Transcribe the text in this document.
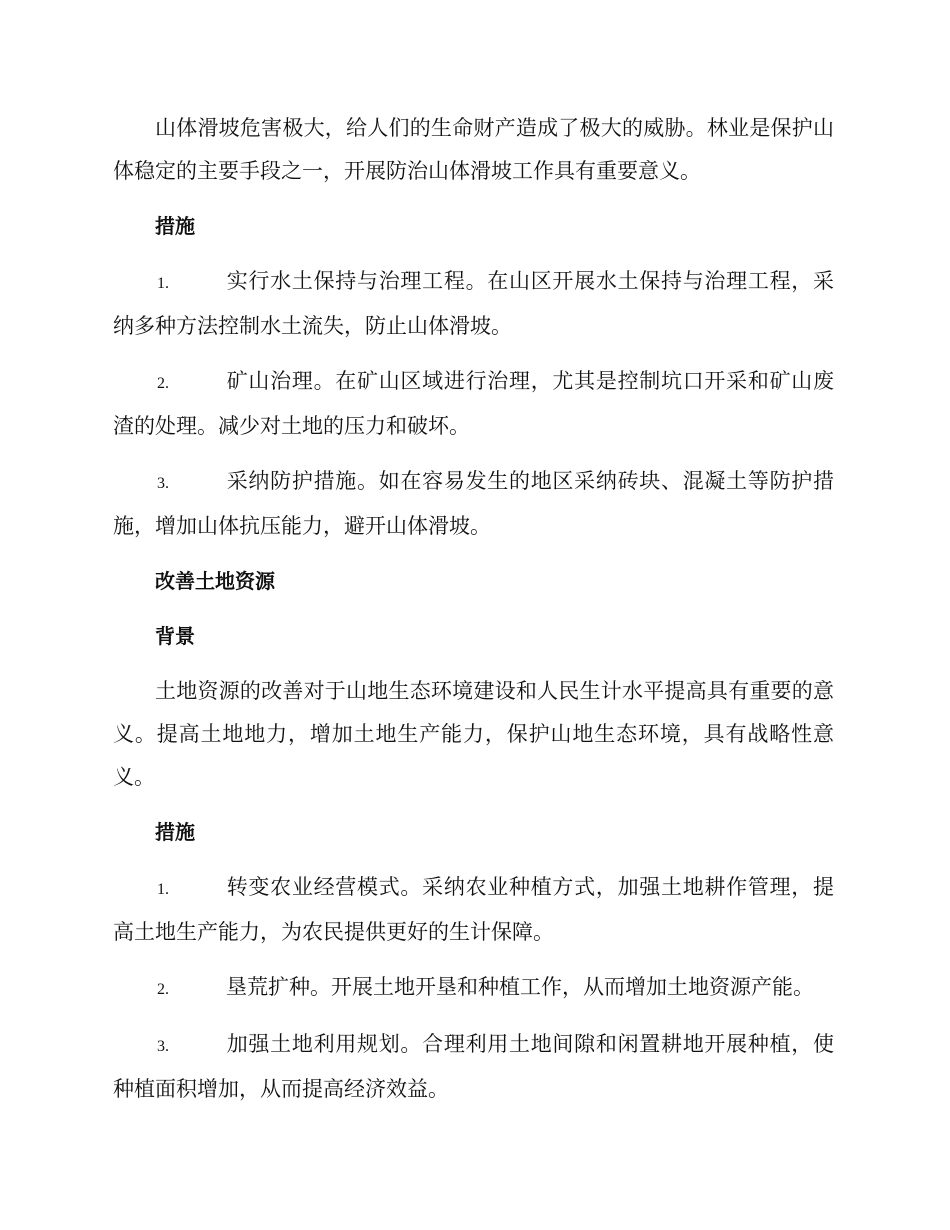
山体滑坡危害极大，给人们的生命财产造成了极大的威胁。林业是保护山体稳定的主要手段之一，开展防治山体滑坡工作具有重要意义。

措施

1.	实行水土保持与治理工程。在山区开展水土保持与治理工程，采纳多种方法控制水土流失，防止山体滑坡。

2.	矿山治理。在矿山区域进行治理，尤其是控制坑口开采和矿山废渣的处理。减少对土地的压力和破坏。

3.	采纳防护措施。如在容易发生的地区采纳砖块、混凝土等防护措施，增加山体抗压能力，避开山体滑坡。

改善土地资源
背景

土地资源的改善对于山地生态环境建设和人民生计水平提高具有重要的意义。提高土地地力，增加土地生产能力，保护山地生态环境，具有战略性意义。

措施

1.	转变农业经营模式。采纳农业种植方式，加强土地耕作管理，提高土地生产能力，为农民提供更好的生计保障。

2.	垦荒扩种。开展土地开垦和种植工作，从而增加土地资源产能。

3.	加强土地利用规划。合理利用土地间隙和闲置耕地开展种植，使种植面积增加，从而提高经济效益。
